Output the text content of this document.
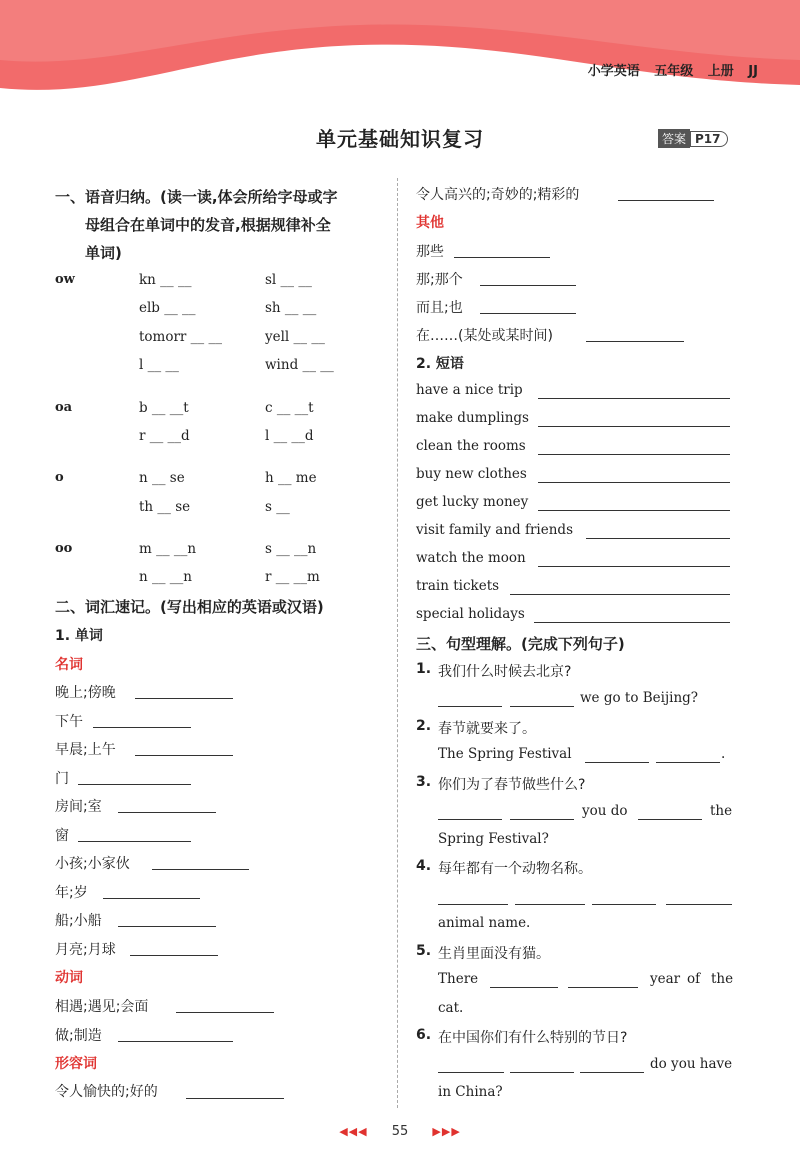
小学英语 五年级 上册 JJ
单元基础知识复习	答案 P17
一、语音归纳。(读一读,体会所给字母或字
母组合在单词中的发音,根据规律补全
单词)
ow	kn __ __	sl __ __
elb __ __	sh __ __
tomorr __ __	yell __ __
l __ __	wind __ __
oa	b __ __t	c __ __t
r __ __d	l __ __d
o	n __ se	h __ me
th __ se	s __
oo	m __ __n	s __ __n
n __ __n	r __ __m
二、词汇速记。(写出相应的英语或汉语)
1. 单词
名词
晚上;傍晚
下午
早晨;上午
门
房间;室
窗
小孩;小家伙
年;岁
船;小船
月亮;月球
动词
相遇;遇见;会面
做;制造
形容词
令人愉快的;好的
令人高兴的;奇妙的;精彩的
其他
那些
那;那个
而且;也
在……(某处或某时间)
2. 短语
have a nice trip
make dumplings
clean the rooms
buy new clothes
get lucky money
visit family and friends
watch the moon
train tickets
special holidays
三、句型理解。(完成下列句子)
1. 我们什么时候去北京?
we go to Beijing?
2. 春节就要来了。
The Spring Festival	.
3. 你们为了春节做些什么?
you do	the
Spring Festival?
4. 每年都有一个动物名称。
animal name.
5. 生肖里面没有猫。
There	year of the
cat.
6. 在中国你们有什么特别的节日?
do you have
in China?
◀◀◀ 55 ▶▶▶
